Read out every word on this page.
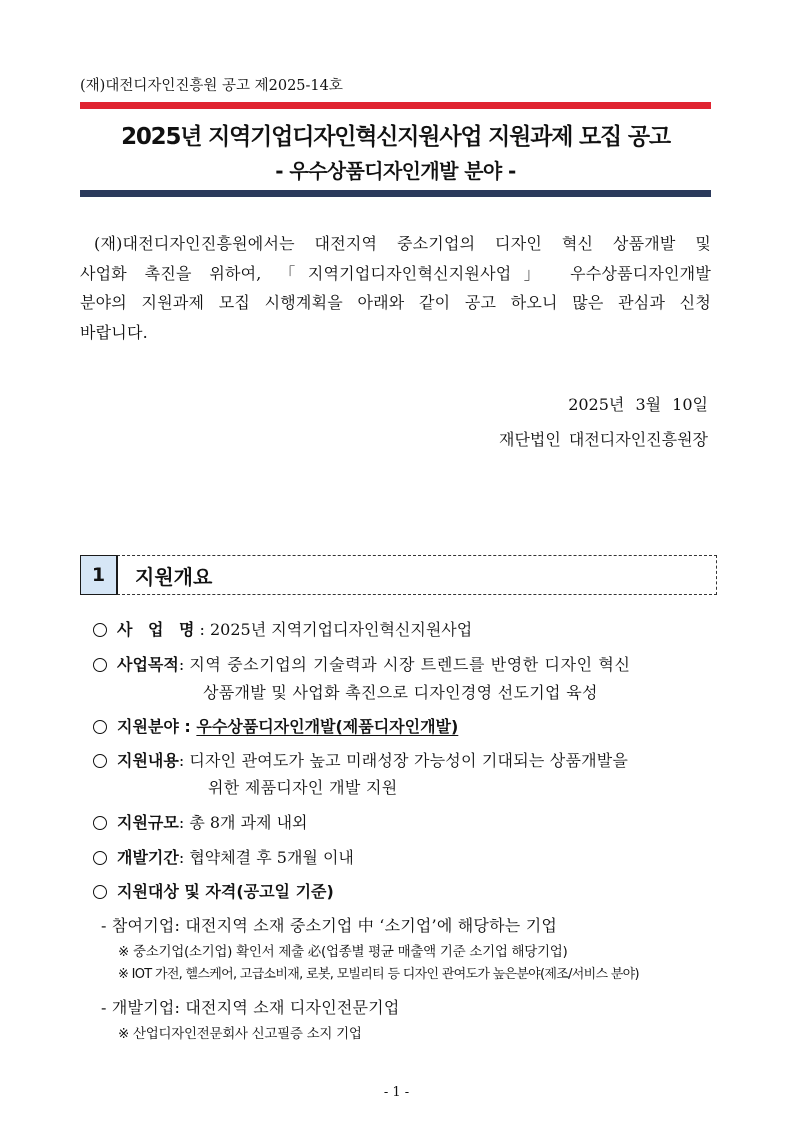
(재)대전디자인진흥원 공고 제2025-14호
2025년 지역기업디자인혁신지원사업 지원과제 모집 공고
- 우수상품디자인개발 분야 -
(재)대전디자인진흥원에서는 대전지역 중소기업의 디자인 혁신 상품개발 및
사업화 촉진을 위하여, 「지역기업디자인혁신지원사업」 우수상품디자인개발
분야의 지원과제 모집 시행계획을 아래와 같이 공고 하오니 많은 관심과 신청
바랍니다.
2025년 3월 10일
재단법인 대전디자인진흥원장
1	지원개요
사 업 명: 2025년 지역기업디자인혁신지원사업
사업목적: 지역 중소기업의 기술력과 시장 트렌드를 반영한 디자인 혁신
상품개발 및 사업화 촉진으로 디자인경영 선도기업 육성
지원분야 : 우수상품디자인개발(제품디자인개발)
지원내용: 디자인 관여도가 높고 미래성장 가능성이 기대되는 상품개발을
위한 제품디자인 개발 지원
지원규모: 총 8개 과제 내외
개발기간: 협약체결 후 5개월 이내
지원대상 및 자격(공고일 기준)
- 참여기업: 대전지역 소재 중소기업 中 ‘소기업’에 해당하는 기업
※ 중소기업(소기업) 확인서 제출 必(업종별 평균 매출액 기준 소기업 해당기업)
※ IOT 가전, 헬스케어, 고급소비재, 로봇, 모빌리티 등 디자인 관여도가 높은분야(제조/서비스 분야)
- 개발기업: 대전지역 소재 디자인전문기업
※ 산업디자인전문회사 신고필증 소지 기업
- 1 -
